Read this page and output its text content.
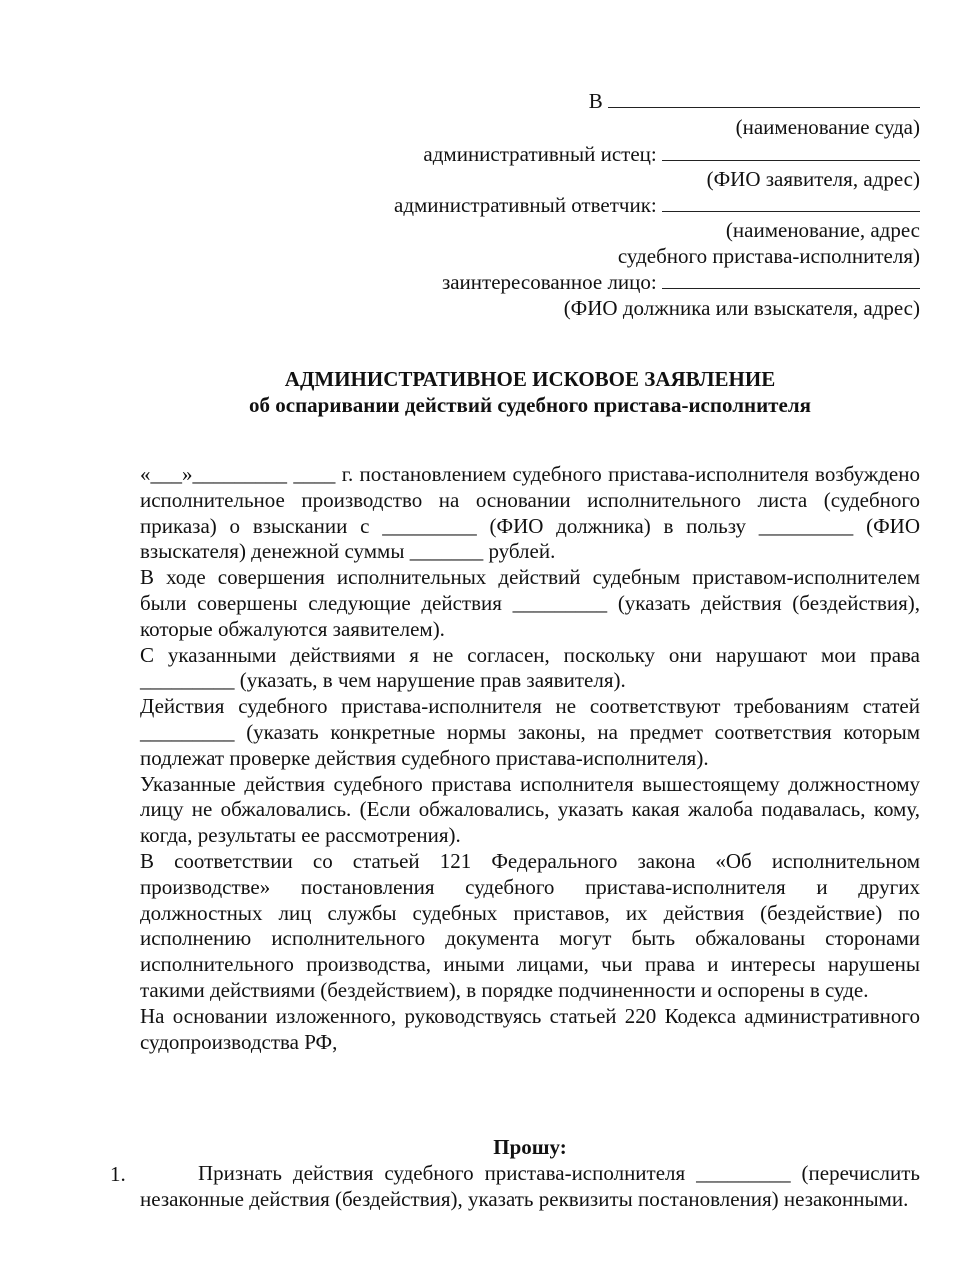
В
(наименование суда)
административный истец:
(ФИО заявителя, адрес)
административный ответчик:
(наименование, адрес
судебного пристава-исполнителя)
заинтересованное лицо:
(ФИО должника или взыскателя, адрес)
АДМИНИСТРАТИВНОЕ ИСКОВОЕ ЗАЯВЛЕНИЕ
об оспаривании действий судебного пристава-исполнителя

«___»_________ ____ г. постановлением судебного пристава-исполнителя возбуждено исполнительное производство на основании исполнительного листа (судебного приказа) о взыскании с _________ (ФИО должника) в пользу _________ (ФИО взыскателя) денежной суммы _______ рублей.

В ходе совершения исполнительных действий судебным приставом-исполнителем были совершены следующие действия _________ (указать действия (бездействия), которые обжалуются заявителем).

С указанными действиями я не согласен, поскольку они нарушают мои права _________ (указать, в чем нарушение прав заявителя).

Действия судебного пристава-исполнителя не соответствуют требованиям статей _________ (указать конкретные нормы законы, на предмет соответствия которым подлежат проверке действия судебного пристава-исполнителя).

Указанные действия судебного пристава исполнителя вышестоящему должностному лицу не обжаловались. (Если обжаловались, указать какая жалоба подавалась, кому, когда, результаты ее рассмотрения).

В соответствии со статьей 121 Федерального закона «Об исполнительном производстве» постановления судебного пристава-исполнителя и других должностных лиц службы судебных приставов, их действия (бездействие) по исполнению исполнительного документа могут быть обжалованы сторонами исполнительного производства, иными лицами, чьи права и интересы нарушены такими действиями (бездействием), в порядке подчиненности и оспорены в суде.

На основании изложенного, руководствуясь статьей 220 Кодекса административного судопроизводства РФ,

Прошу:
1.	Признать действия судебного пристава-исполнителя _________ (перечислить незаконные действия (бездействия), указать реквизиты постановления) незаконными.
